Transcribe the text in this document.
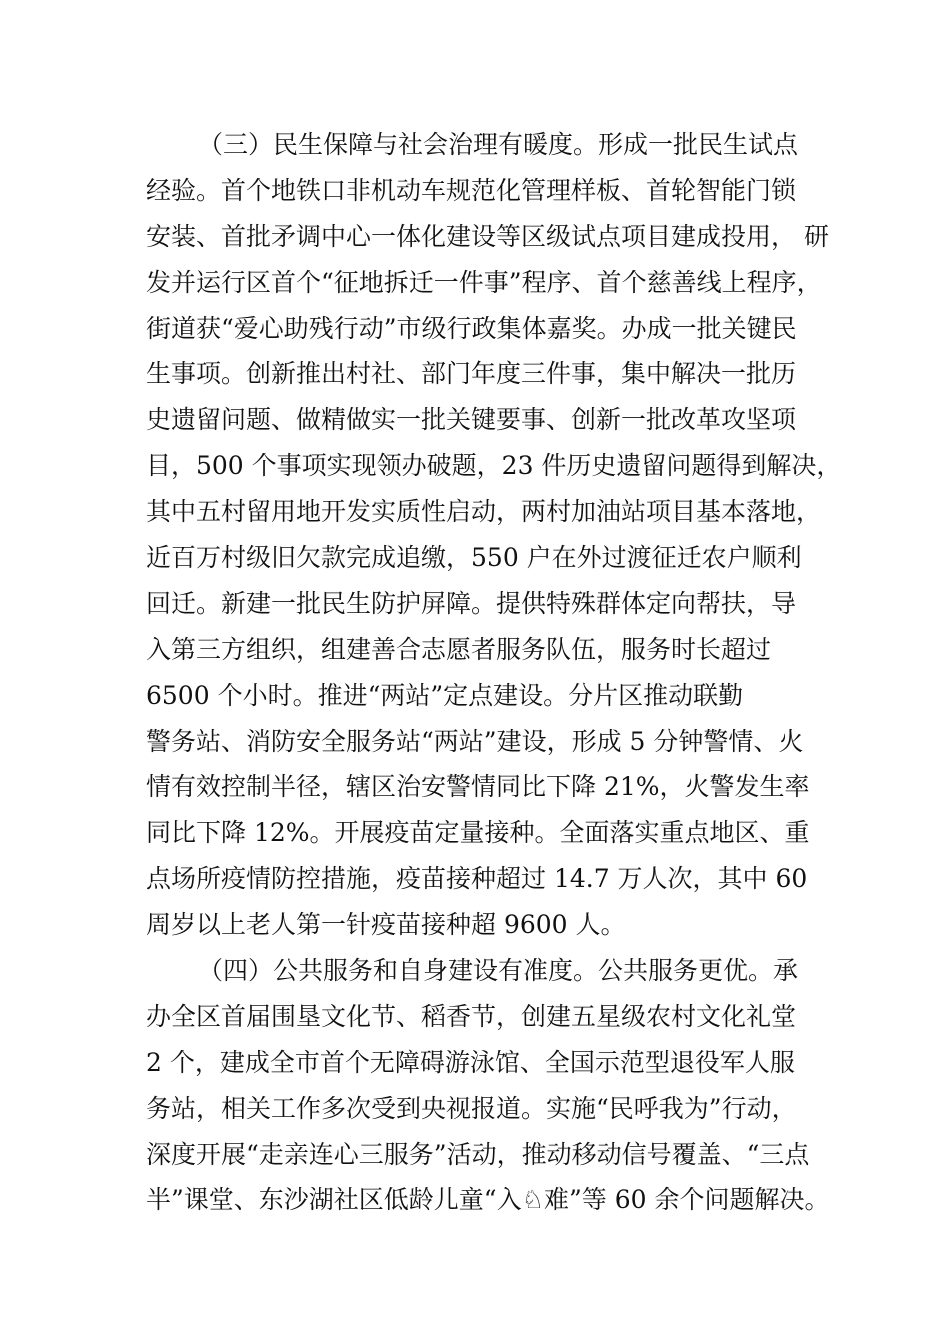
（三）民生保障与社会治理有暖度。形成一批民生试点
经验。首个地铁口非机动车规范化管理样板、首轮智能门锁
安装、首批矛调中心一体化建设等区级试点项目建成投用， 研
发并运行区首个“征地拆迁一件事”程序、首个慈善线上程序，
街道获“爱心助残行动”市级行政集体嘉奖。办成一批关键民
生事项。创新推出村社、部门年度三件事，集中解决一批历
史遗留问题、做精做实一批关键要事、创新一批改革攻坚项
目，500 个事项实现领办破题，23 件历史遗留问题得到解决，
其中五村留用地开发实质性启动，两村加油站项目基本落地，
近百万村级旧欠款完成追缴，550 户在外过渡征迁农户顺利
回迁。新建一批民生防护屏障。提供特殊群体定向帮扶，导
入第三方组织，组建善合志愿者服务队伍，服务时长超过
6500 个小时。推进“两站”定点建设。分片区推动联勤
警务站、消防安全服务站“两站”建设，形成 5 分钟警情、火
情有效控制半径，辖区治安警情同比下降 21%，火警发生率
同比下降 12%。开展疫苗定量接种。全面落实重点地区、重
点场所疫情防控措施，疫苗接种超过 14.7 万人次，其中 60
周岁以上老人第一针疫苗接种超 9600 人。
（四）公共服务和自身建设有准度。公共服务更优。承
办全区首届围垦文化节、稻香节，创建五星级农村文化礼堂
2 个，建成全市首个无障碍游泳馆、全国示范型退役军人服
务站，相关工作多次受到央视报道。实施“民呼我为”行动，
深度开展“走亲连心三服务”活动，推动移动信号覆盖、“三点
半”课堂、东沙湖社区低龄儿童“入♘难”等 60 余个问题解决。
